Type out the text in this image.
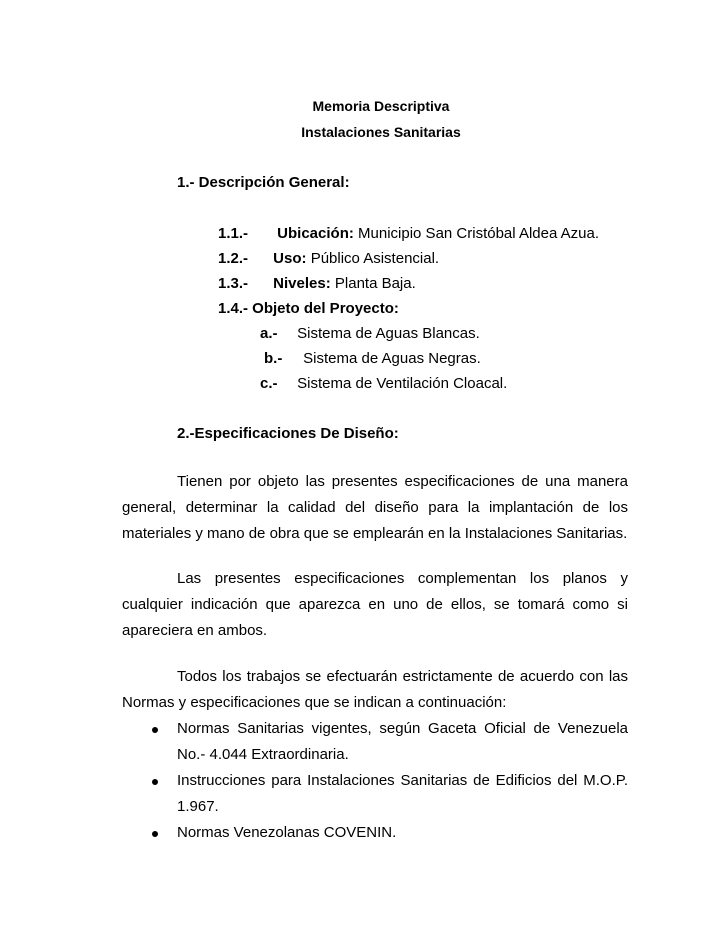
Memoria Descriptiva
Instalaciones Sanitarias
1.- Descripción General:
1.1.- Ubicación: Municipio San Cristóbal Aldea Azua.
1.2.- Uso: Público Asistencial.
1.3.- Niveles: Planta Baja.
1.4.- Objeto del Proyecto:
a.- Sistema de Aguas Blancas.
b.- Sistema de Aguas Negras.
c.- Sistema de Ventilación Cloacal.
2.-Especificaciones De Diseño:

Tienen por objeto las presentes especificaciones de una manera general, determinar la calidad del diseño para la implantación de los materiales y mano de obra que se emplearán en la Instalaciones Sanitarias.

Las presentes especificaciones complementan los planos y cualquier indicación que aparezca en uno de ellos, se tomará como si apareciera en ambos.

Todos los trabajos se efectuarán estrictamente de acuerdo con las Normas y especificaciones que se indican a continuación:

Normas Sanitarias vigentes, según Gaceta Oficial de Venezuela No.- 4.044 Extraordinaria.
Instrucciones para Instalaciones Sanitarias de Edificios del M.O.P. 1.967.
Normas Venezolanas COVENIN.
